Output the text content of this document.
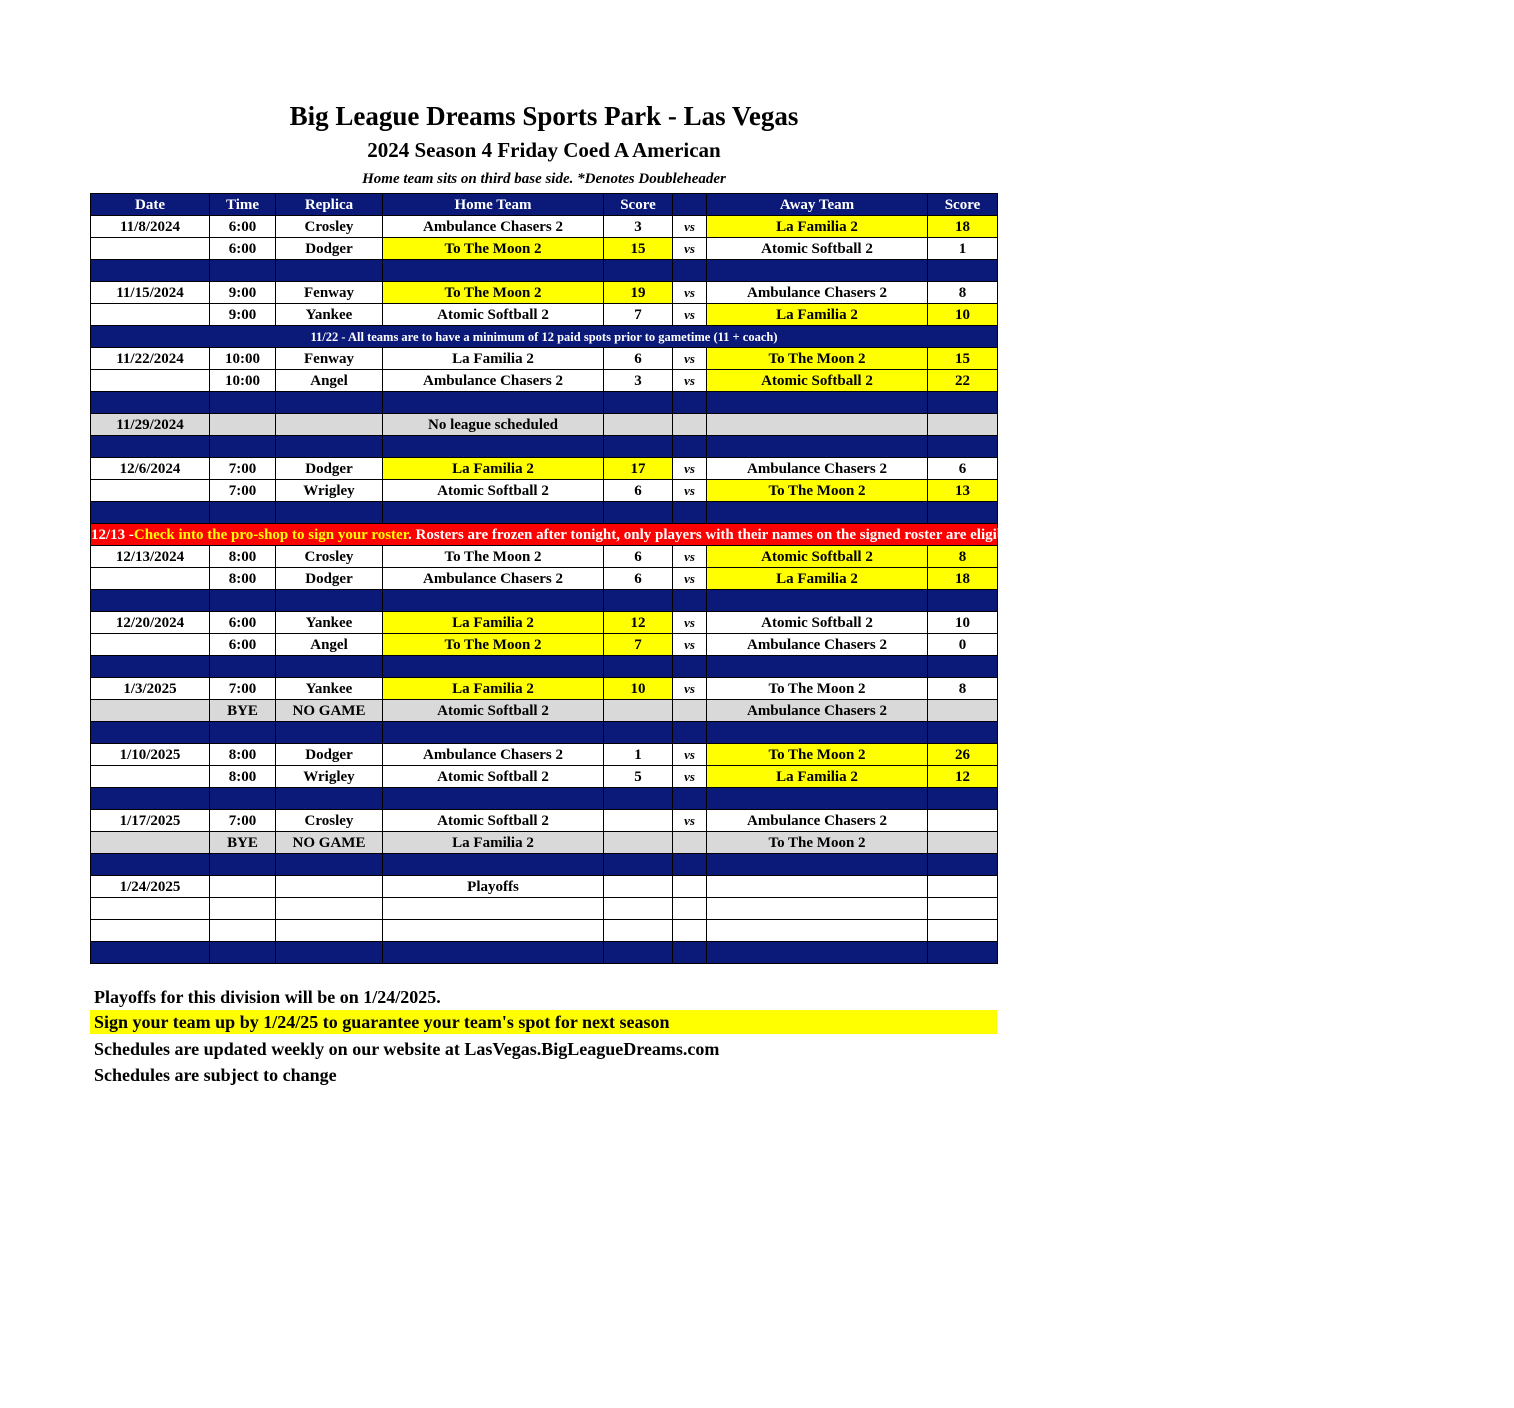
Big League Dreams Sports Park - Las Vegas
2024 Season 4 Friday Coed A American
Home team sits on third base side. *Denotes Doubleheader
Date	Time	Replica	Home Team	Score		Away Team	Score
11/8/2024	6:00	Crosley	Ambulance Chasers 2	3	vs	La Familia 2	18
	6:00	Dodger	To The Moon 2	15	vs	Atomic Softball 2	1

11/15/2024	9:00	Fenway	To The Moon 2	19	vs	Ambulance Chasers 2	8
	9:00	Yankee	Atomic Softball 2	7	vs	La Familia 2	10
11/22 - All teams are to have a minimum of 12 paid spots prior to gametime (11 + coach)							
11/22/2024	10:00	Fenway	La Familia 2	6	vs	To The Moon 2	15
	10:00	Angel	Ambulance Chasers 2	3	vs	Atomic Softball 2	22

11/29/2024			No league scheduled				

12/6/2024	7:00	Dodger	La Familia 2	17	vs	Ambulance Chasers 2	6
	7:00	Wrigley	Atomic Softball 2	6	vs	To The Moon 2	13

12/13 -Check into the pro-shop to sign your roster. Rosters are frozen after tonight, only players with their names on the signed roster are eligible for playoffs. Please check carefully as changes will not be made for omissions.							
12/13/2024	8:00	Crosley	To The Moon 2	6	vs	Atomic Softball 2	8
	8:00	Dodger	Ambulance Chasers 2	6	vs	La Familia 2	18

12/20/2024	6:00	Yankee	La Familia 2	12	vs	Atomic Softball 2	10
	6:00	Angel	To The Moon 2	7	vs	Ambulance Chasers 2	0

1/3/2025	7:00	Yankee	La Familia 2	10	vs	To The Moon 2	8
	BYE	NO GAME	Atomic Softball 2			Ambulance Chasers 2	

1/10/2025	8:00	Dodger	Ambulance Chasers 2	1	vs	To The Moon 2	26
	8:00	Wrigley	Atomic Softball 2	5	vs	La Familia 2	12

1/17/2025	7:00	Crosley	Atomic Softball 2		vs	Ambulance Chasers 2	
	BYE	NO GAME	La Familia 2			To The Moon 2	

1/24/2025			Playoffs				

Playoffs for this division will be on 1/24/2025.
Sign your team up by 1/24/25 to guarantee your team's spot for next season
Schedules are updated weekly on our website at LasVegas.BigLeagueDreams.com
Schedules are subject to change
